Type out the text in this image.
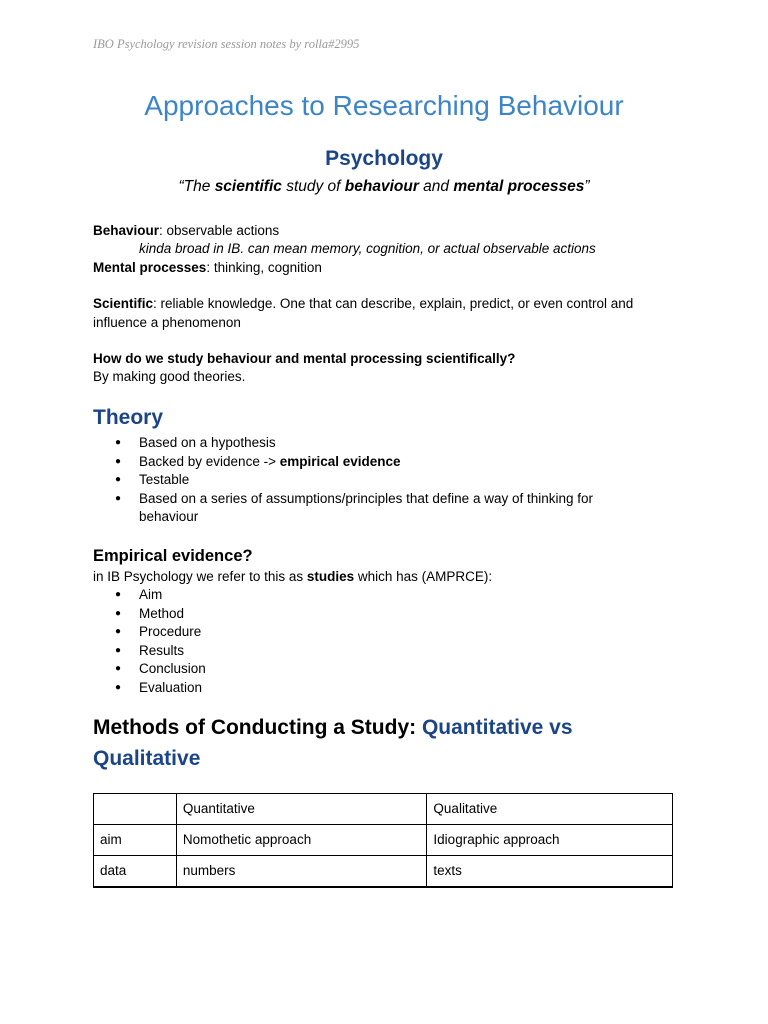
IBO Psychology revision session notes by rolla#2995
Approaches to Researching Behaviour
Psychology
“The scientific study of behaviour and mental processes”
Behaviour: observable actions
kinda broad in IB. can mean memory, cognition, or actual observable actions
Mental processes: thinking, cognition
Scientific: reliable knowledge. One that can describe, explain, predict, or even control and influence a phenomenon
How do we study behaviour and mental processing scientifically?
By making good theories.
Theory
● Based on a hypothesis
● Backed by evidence -> empirical evidence
● Testable
● Based on a series of assumptions/principles that define a way of thinking for behaviour
Empirical evidence?
in IB Psychology we refer to this as studies which has (AMPRCE):
● Aim
● Method
● Procedure
● Results
● Conclusion
● Evaluation
Methods of Conducting a Study: Quantitative vs Qualitative
	Quantitative	Qualitative
aim	Nomothetic approach	Idiographic approach
data	numbers	texts
